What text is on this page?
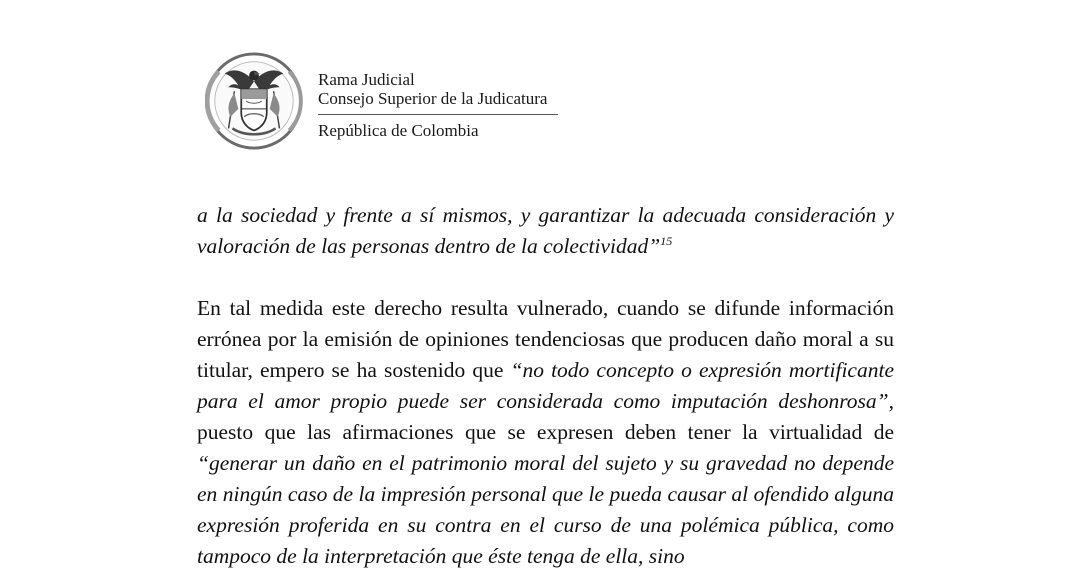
Rama Judicial
Consejo Superior de la Judicatura
República de Colombia

a la sociedad y frente a sí mismos, y garantizar la adecuada consideración y valoración de las personas dentro de la colectividad”$^{15}$

En tal medida este derecho resulta vulnerado, cuando se difunde información errónea por la emisión de opiniones tendenciosas que producen daño moral a su titular, empero se ha sostenido que “no todo concepto o expresión mortificante para el amor propio puede ser considerada como imputación deshonrosa”, puesto que las afirmaciones que se expresen deben tener la virtualidad de “generar un daño en el patrimonio moral del sujeto y su gravedad no depende en ningún caso de la impresión personal que le pueda causar al ofendido alguna expresión proferida en su contra en el curso de una polémica pública, como tampoco de la interpretación que éste tenga de ella, sino
